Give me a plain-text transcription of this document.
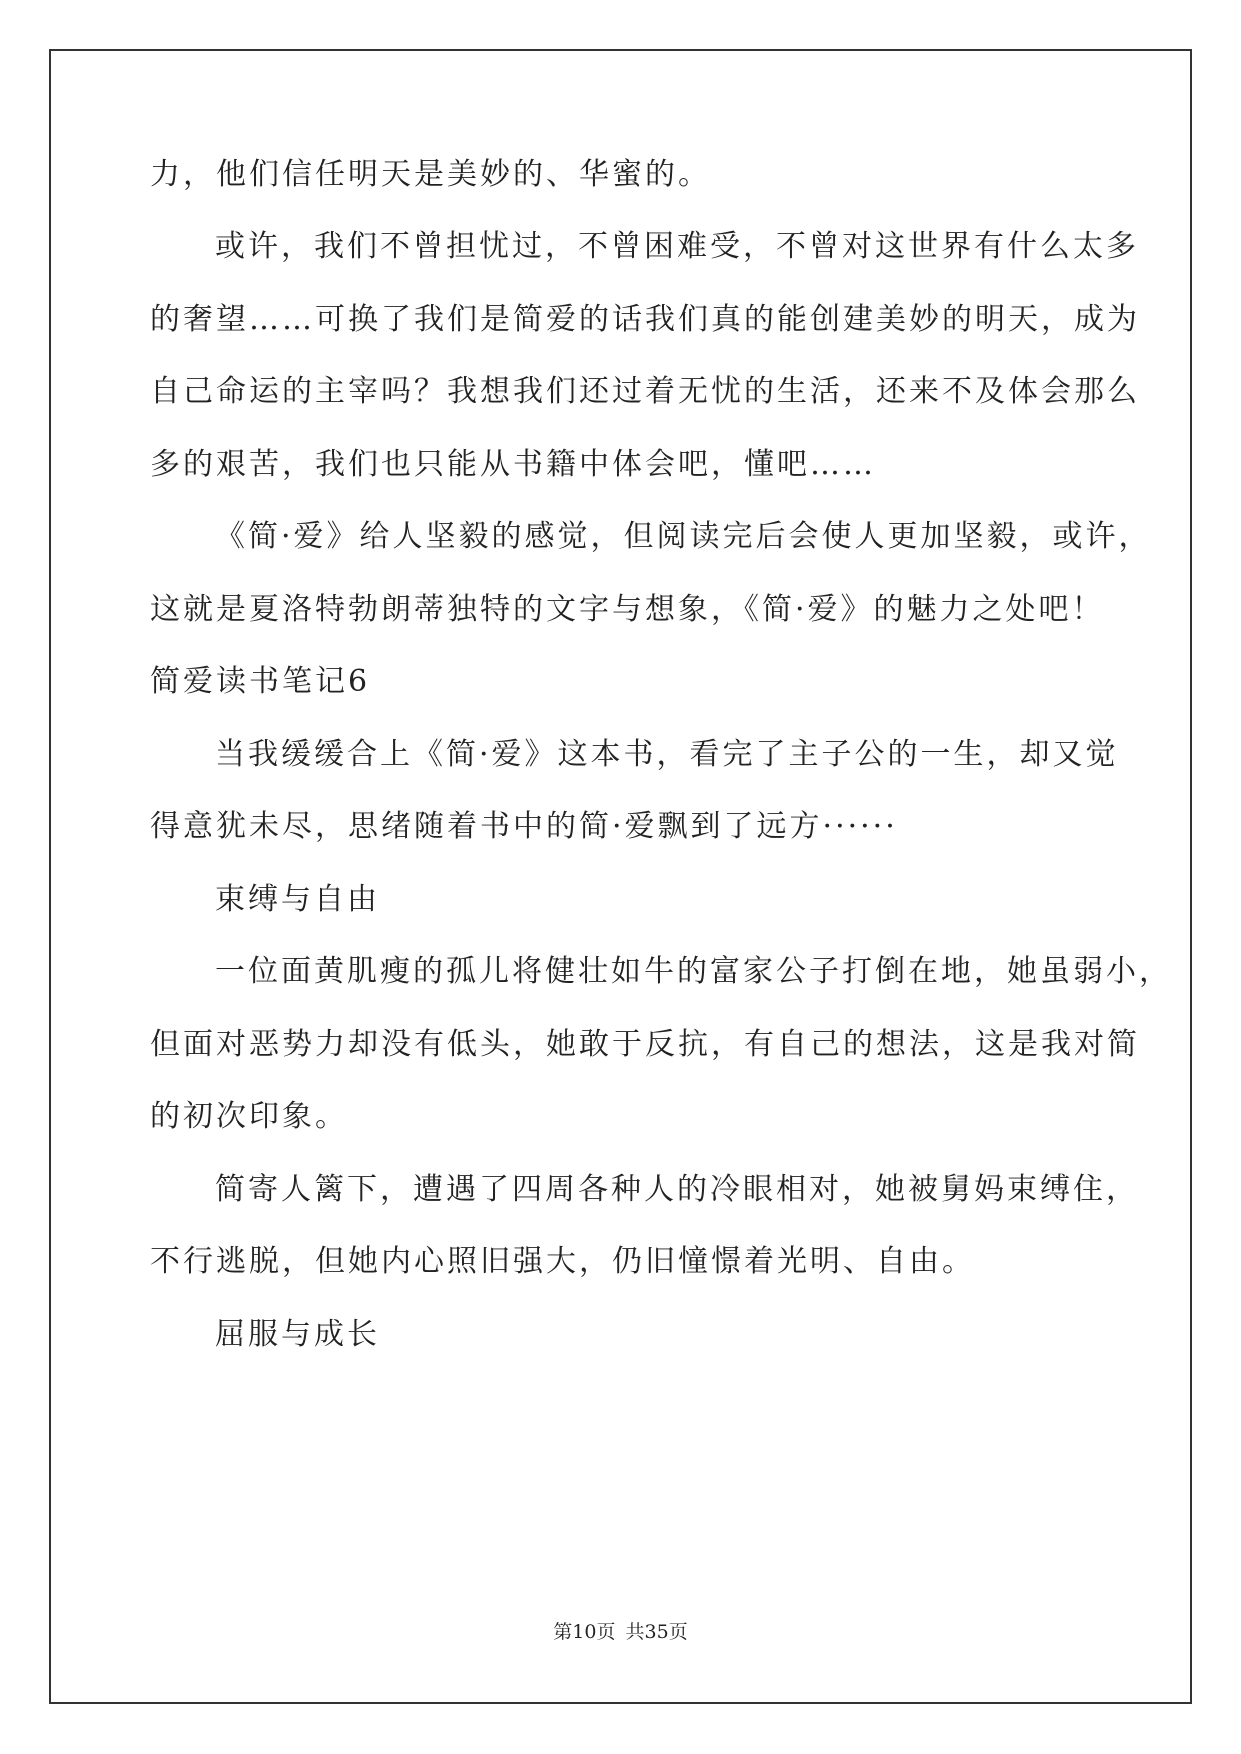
力，他们信任明天是美妙的、华蜜的。
或许，我们不曾担忧过，不曾困难受，不曾对这世界有什么太多
的奢望……可换了我们是简爱的话我们真的能创建美妙的明天，成为
自己命运的主宰吗？我想我们还过着无忧的生活，还来不及体会那么
多的艰苦，我们也只能从书籍中体会吧，懂吧……
《简·爱》给人坚毅的感觉，但阅读完后会使人更加坚毅，或许，
这就是夏洛特勃朗蒂独特的文字与想象，《简·爱》的魅力之处吧！
简爱读书笔记6
当我缓缓合上《简·爱》这本书，看完了主子公的一生，却又觉
得意犹未尽，思绪随着书中的简·爱飘到了远方······
束缚与自由
一位面黄肌瘦的孤儿将健壮如牛的富家公子打倒在地，她虽弱小，
但面对恶势力却没有低头，她敢于反抗，有自己的想法，这是我对简
的初次印象。
简寄人篱下，遭遇了四周各种人的冷眼相对，她被舅妈束缚住，
不行逃脱，但她内心照旧强大，仍旧憧憬着光明、自由。
屈服与成长
第10页 共35页
